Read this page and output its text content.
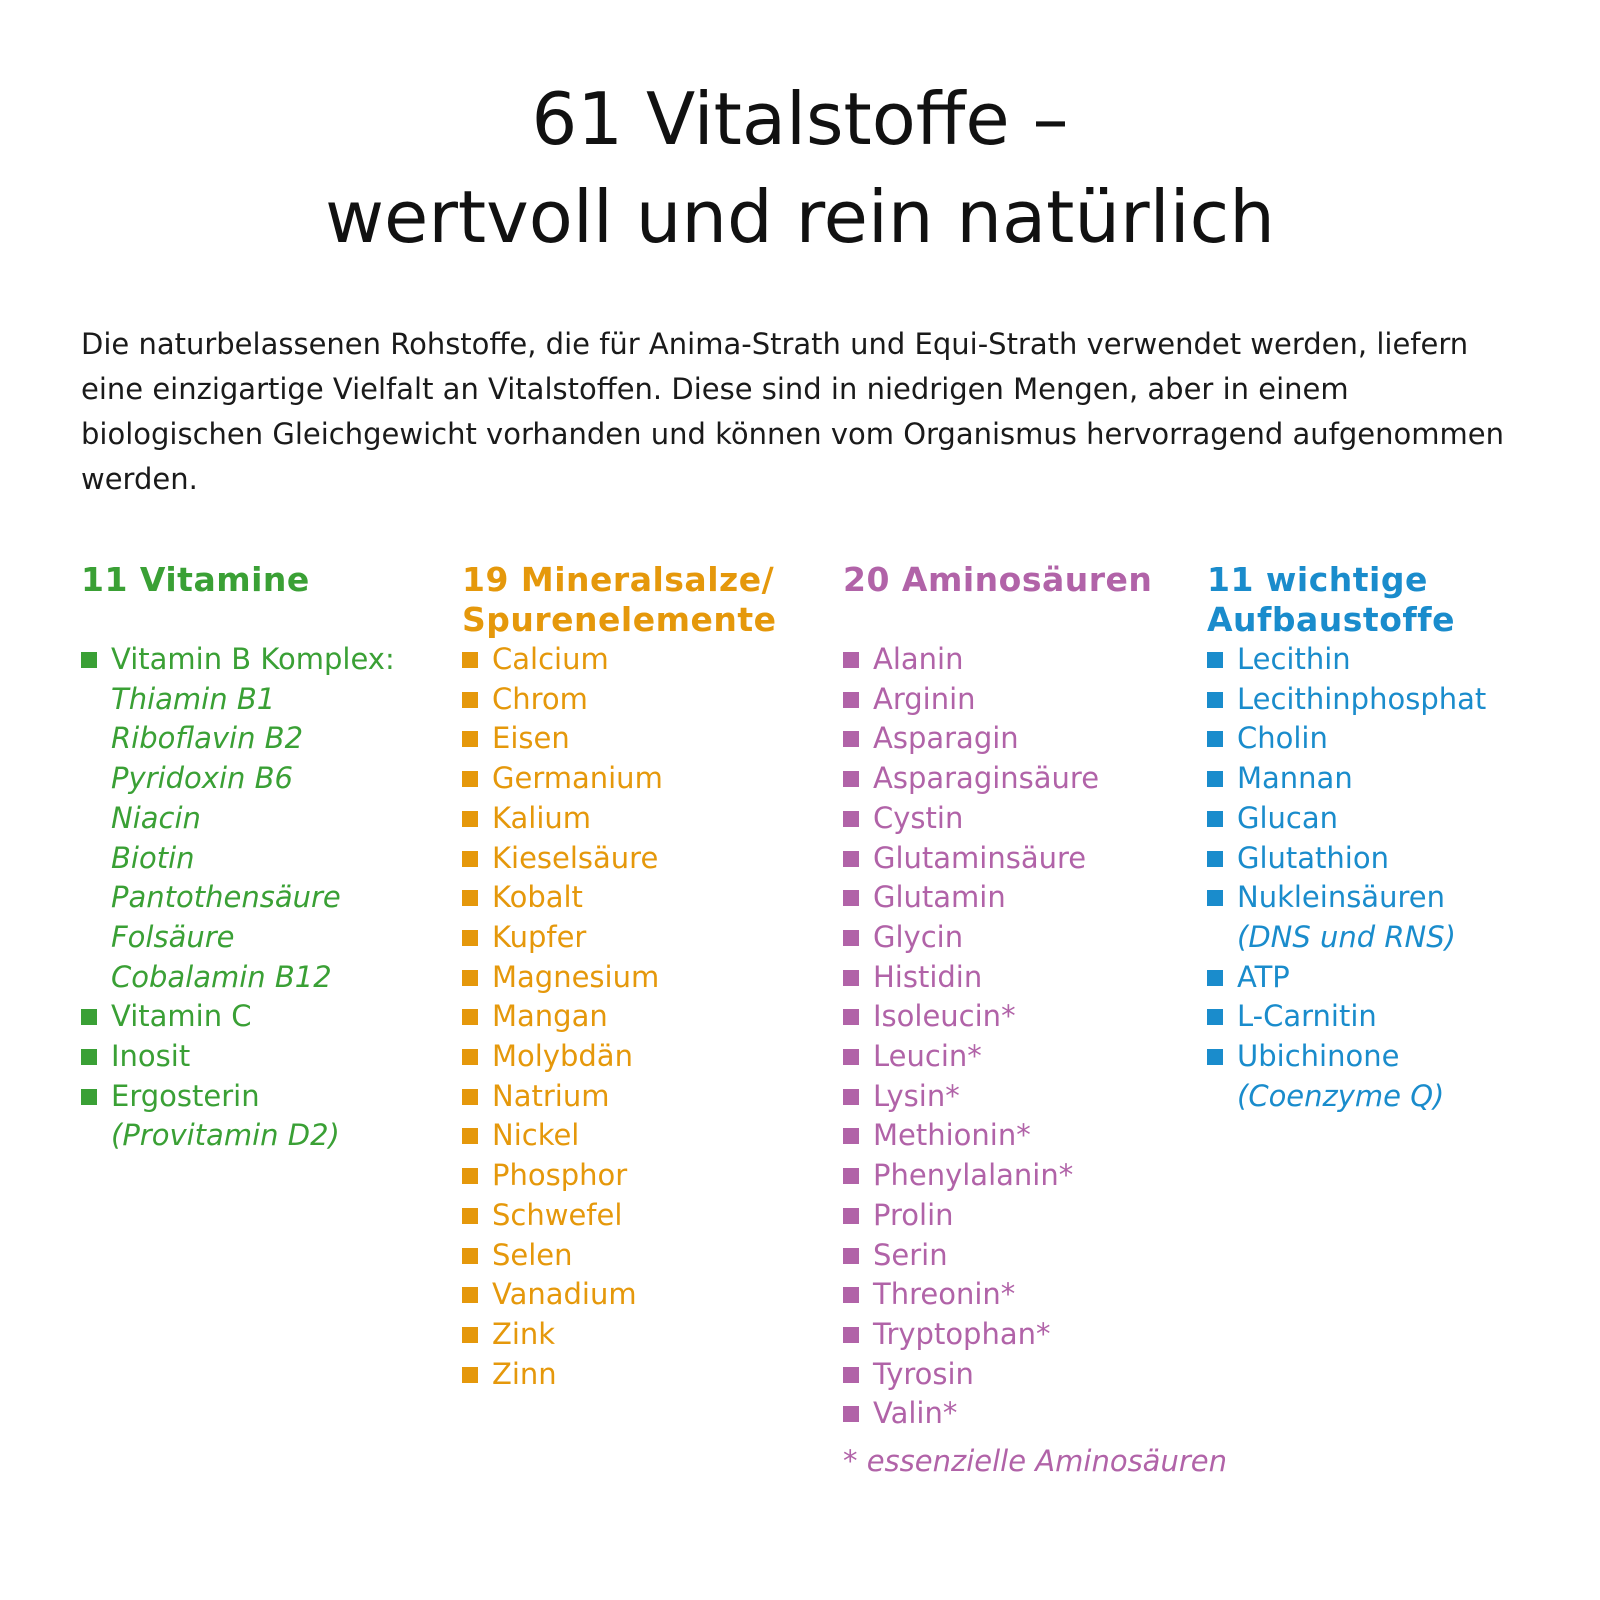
61 Vitalstoffe –
wertvoll und rein natürlich

Die naturbelassenen Rohstoffe, die für Anima-Strath und Equi-Strath verwendet werden, liefern eine einzigartige Vielfalt an Vitalstoffen. Diese sind in niedrigen Mengen, aber in einem biologischen Gleichgewicht vorhanden und können vom Organismus hervorragend aufgenommen werden.

11 Vitamine
Vitamin B Komplex:
Thiamin B1
Riboflavin B2
Pyridoxin B6
Niacin
Biotin
Pantothensäure
Folsäure
Cobalamin B12
Vitamin C
Inosit
Ergosterin
(Provitamin D2)
19 Mineralsalze/
Spurenelemente
Calcium
Chrom
Eisen
Germanium
Kalium
Kieselsäure
Kobalt
Kupfer
Magnesium
Mangan
Molybdän
Natrium
Nickel
Phosphor
Schwefel
Selen
Vanadium
Zink
Zinn
20 Aminosäuren
Alanin
Arginin
Asparagin
Asparaginsäure
Cystin
Glutaminsäure
Glutamin
Glycin
Histidin
Isoleucin*
Leucin*
Lysin*
Methionin*
Phenylalanin*
Prolin
Serin
Threonin*
Tryptophan*
Tyrosin
Valin*

* essenzielle Aminosäuren

11 wichtige
Aufbaustoffe
Lecithin
Lecithinphosphat
Cholin
Mannan
Glucan
Glutathion
Nukleinsäuren
(DNS und RNS)
ATP
L-Carnitin
Ubichinone
(Coenzyme Q)
